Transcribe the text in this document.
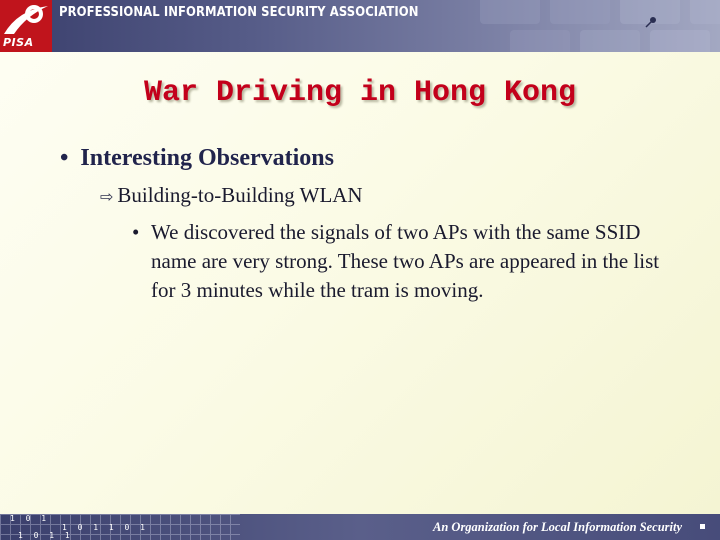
PISA
PROFESSIONAL INFORMATION SECURITY ASSOCIATION
War Driving in Hong Kong
• Interesting Observations
⇨ Building-to-Building WLAN
• We discovered the signals of two APs with the same SSID name are very strong. These two APs are appeared in the list for 3 minutes while the tram is moving.
1 0 1
1 0 1 1 0 1
1 0 1 1
An Organization for Local Information Security
